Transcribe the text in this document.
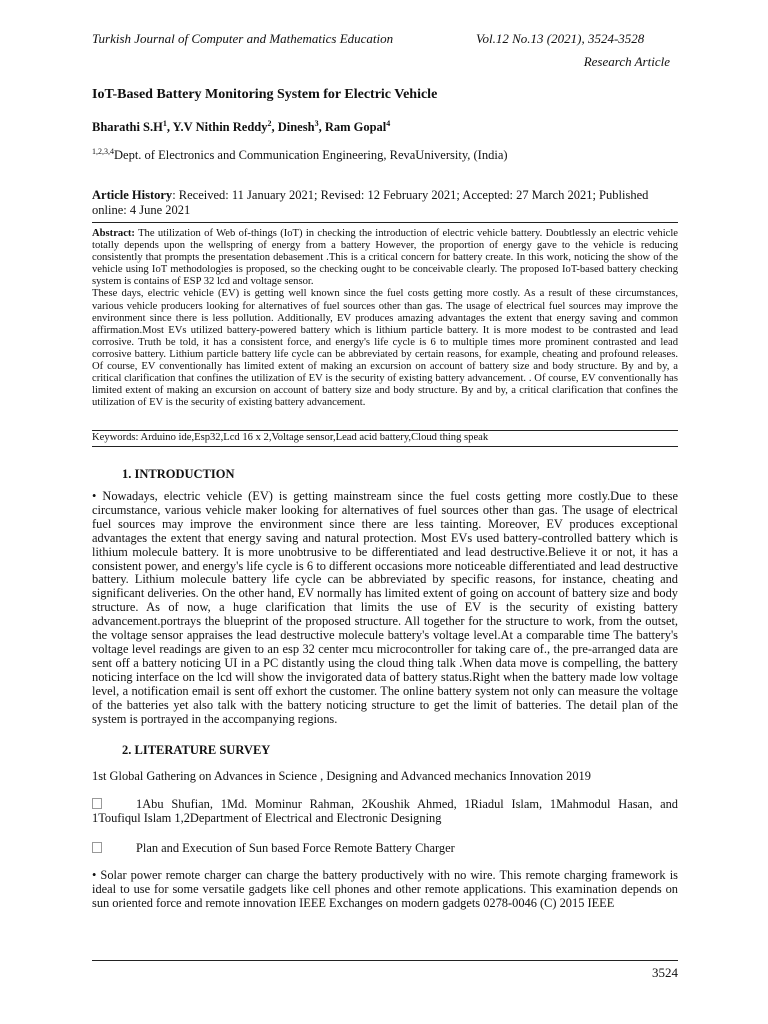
Turkish Journal of Computer and Mathematics Education	Vol.12 No.13 (2021), 3524-3528
Research Article
IoT-Based Battery Monitoring System for Electric Vehicle
Bharathi $S.H^1$, Y.V Nithin Reddy$^2$, Dinesh$^3$, Ram Gopal$^4$
$^{1,2,3,4}$Dept. of Electronics and Communication Engineering, RevaUniversity, (India)
Article History: Received: 11 January 2021; Revised: 12 February 2021; Accepted: 27 March 2021; Published online: 4 June 2021

Abstract: The utilization of Web of-things (IoT) in checking the introduction of electric vehicle battery. Doubtlessly an electric vehicle totally depends upon the wellspring of energy from a battery However, the proportion of energy gave to the vehicle is reducing consistently that prompts the presentation debasement .This is a critical concern for battery create. In this work, noticing the show of the vehicle using IoT methodologies is proposed, so the checking ought to be conceivable clearly. The proposed IoT-based battery checking system is contains of ESP 32 lcd and voltage sensor.

These days, electric vehicle (EV) is getting well known since the fuel costs getting more costly. As a result of these circumstances, various vehicle producers looking for alternatives of fuel sources other than gas. The usage of electrical fuel sources may improve the environment since there is less pollution. Additionally, EV produces amazing advantages the extent that energy saving and common affirmation.Most EVs utilized battery-powered battery which is lithium particle battery. It is more modest to be contrasted and lead corrosive. Truth be told, it has a consistent force, and energy's life cycle is 6 to multiple times more prominent contrasted and lead corrosive battery. Lithium particle battery life cycle can be abbreviated by certain reasons, for example, cheating and profound releases. Of course, EV conventionally has limited extent of making an excursion on account of battery size and body structure. By and by, a critical clarification that confines the utilization of EV is the security of existing battery advancement. . Of course, EV conventionally has limited extent of making an excursion on account of battery size and body structure. By and by, a critical clarification that confines the utilization of EV is the security of existing battery advancement.

Keywords: Arduino ide,Esp32,Lcd 16 x 2,Voltage sensor,Lead acid battery,Cloud thing speak
1. INTRODUCTION

• Nowadays, electric vehicle (EV) is getting mainstream since the fuel costs getting more costly.Due to these circumstance, various vehicle maker looking for alternatives of fuel sources other than gas. The usage of electrical fuel sources may improve the environment since there are less tainting. Moreover, EV produces exceptional advantages the extent that energy saving and natural protection. Most EVs used battery-controlled battery which is lithium molecule battery. It is more unobtrusive to be differentiated and lead destructive.Believe it or not, it has a consistent power, and energy's life cycle is 6 to different occasions more noticeable differentiated and lead destructive battery. Lithium molecule battery life cycle can be abbreviated by specific reasons, for instance, cheating and significant deliveries. On the other hand, EV normally has limited extent of going on account of battery size and body structure. As of now, a huge clarification that limits the use of EV is the security of existing battery advancement.portrays the blueprint of the proposed structure. All together for the structure to work, from the outset, the voltage sensor appraises the lead destructive molecule battery's voltage level.At a comparable time The battery's voltage level readings are given to an esp 32 center mcu microcontroller for taking care of., the pre-arranged data are sent off a battery noticing UI in a PC distantly using the cloud thing talk .When data move is compelling, the battery noticing interface on the lcd will show the invigorated data of battery status.Right when the battery made low voltage level, a notification email is sent off exhort the customer. The online battery system not only can measure the voltage of the batteries yet also talk with the battery noticing structure to get the limit of batteries. The detail plan of the system is portrayed in the accompanying regions.

2. LITERATURE SURVEY

1st Global Gathering on Advances in Science , Designing and Advanced mechanics Innovation 2019

1Abu Shufian, 1Md. Mominur Rahman, 2Koushik Ahmed, 1Riadul Islam, 1Mahmodul Hasan, and 1Toufiqul Islam 1,2Department of Electrical and Electronic Designing

Plan and Execution of Sun based Force Remote Battery Charger

• Solar power remote charger can charge the battery productively with no wire. This remote charging framework is ideal to use for some versatile gadgets like cell phones and other remote applications. This examination depends on sun oriented force and remote innovation IEEE Exchanges on modern gadgets 0278-0046 (C) 2015 IEEE

3524
